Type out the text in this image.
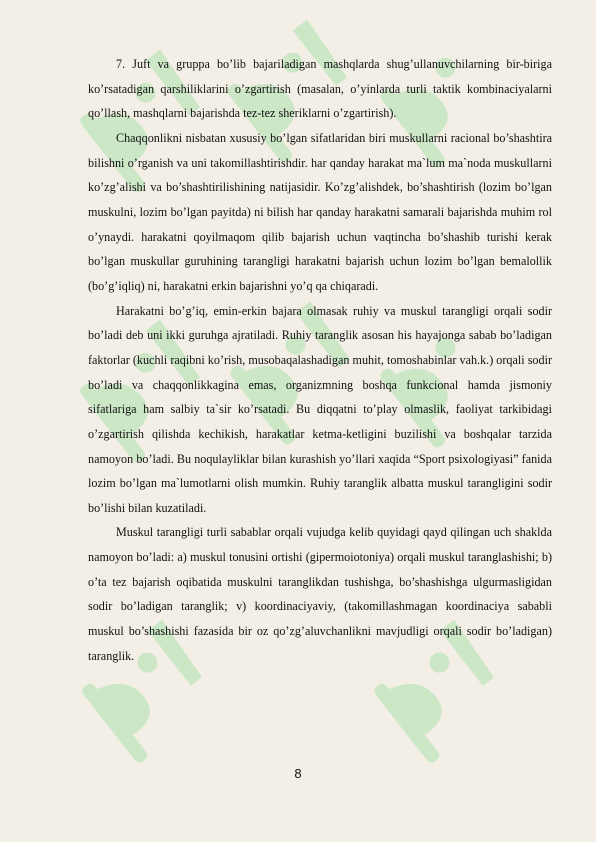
7. Juft va gruppa bo’lib bajariladigan mashqlarda shug’ullanuvchilarning bir-biriga ko’rsatadigan qarshiliklarini o’zgartirish (masalan, o’yinlarda turli taktik kombinaciyalarni qo’llash, mashqlarni bajarishda tez-tez sheriklarni o’zgartirish).

Chaqqonlikni nisbatan xususiy bo’lgan sifatlaridan biri muskullarni racional bo’shashtira bilishni o’rganish va uni takomillashtirishdir. har qanday harakat ma`lum ma`noda muskullarni ko’zg’alishi va bo’shashtirilishining natijasidir. Ko’zg’alishdek, bo’shashtirish (lozim bo’lgan muskulni, lozim bo’lgan payitda) ni bilish har qanday harakatni samarali bajarishda muhim rol o’ynaydi. harakatni qoyilmaqom qilib bajarish uchun vaqtincha bo’shashib turishi kerak bo’lgan muskullar guruhining tarangligi harakatni bajarish uchun lozim bo’lgan bemalollik (bo’g’iqliq) ni, harakatni erkin bajarishni yo’q qa chiqaradi.

Harakatni bo’g’iq, emin-erkin bajara olmasak ruhiy va muskul tarangligi orqali sodir bo’ladi deb uni ikki guruhga ajratiladi. Ruhiy taranglik asosan his hayajonga sabab bo’ladigan faktorlar (kuchli raqibni ko’rish, musobaqalashadigan muhit, tomoshabinlar vah.k.) orqali sodir bo’ladi va chaqqonlikkagina emas, organizmning boshqa funkcional hamda jismoniy sifatlariga ham salbiy ta`sir ko’rsatadi. Bu diqqatni to’play olmaslik, faoliyat tarkibidagi o’zgartirish qilishda kechikish, harakatlar ketma-ketligini buzilishi va boshqalar tarzida namoyon bo’ladi. Bu noqulayliklar bilan kurashish yo’llari xaqida “Sport psixologiyasi” fanida lozim bo’lgan ma`lumotlarni olish mumkin. Ruhiy taranglik albatta muskul tarangligini sodir bo’lishi bilan kuzatiladi.

Muskul tarangligi turli sabablar orqali vujudga kelib quyidagi qayd qilingan uch shaklda namoyon bo’ladi: a) muskul tonusini ortishi (gipermoiotoniya) orqali muskul taranglashishi; b) o’ta tez bajarish oqibatida muskulni taranglikdan tushishga, bo’shashishga ulgurmasligidan sodir bo’ladigan taranglik; v) koordinaciyaviy, (takomillashmagan koordinaciya sababli muskul bo’shashishi fazasida bir oz qo’zg’aluvchanlikni mavjudligi orqali sodir bo’ladigan) taranglik.

8
